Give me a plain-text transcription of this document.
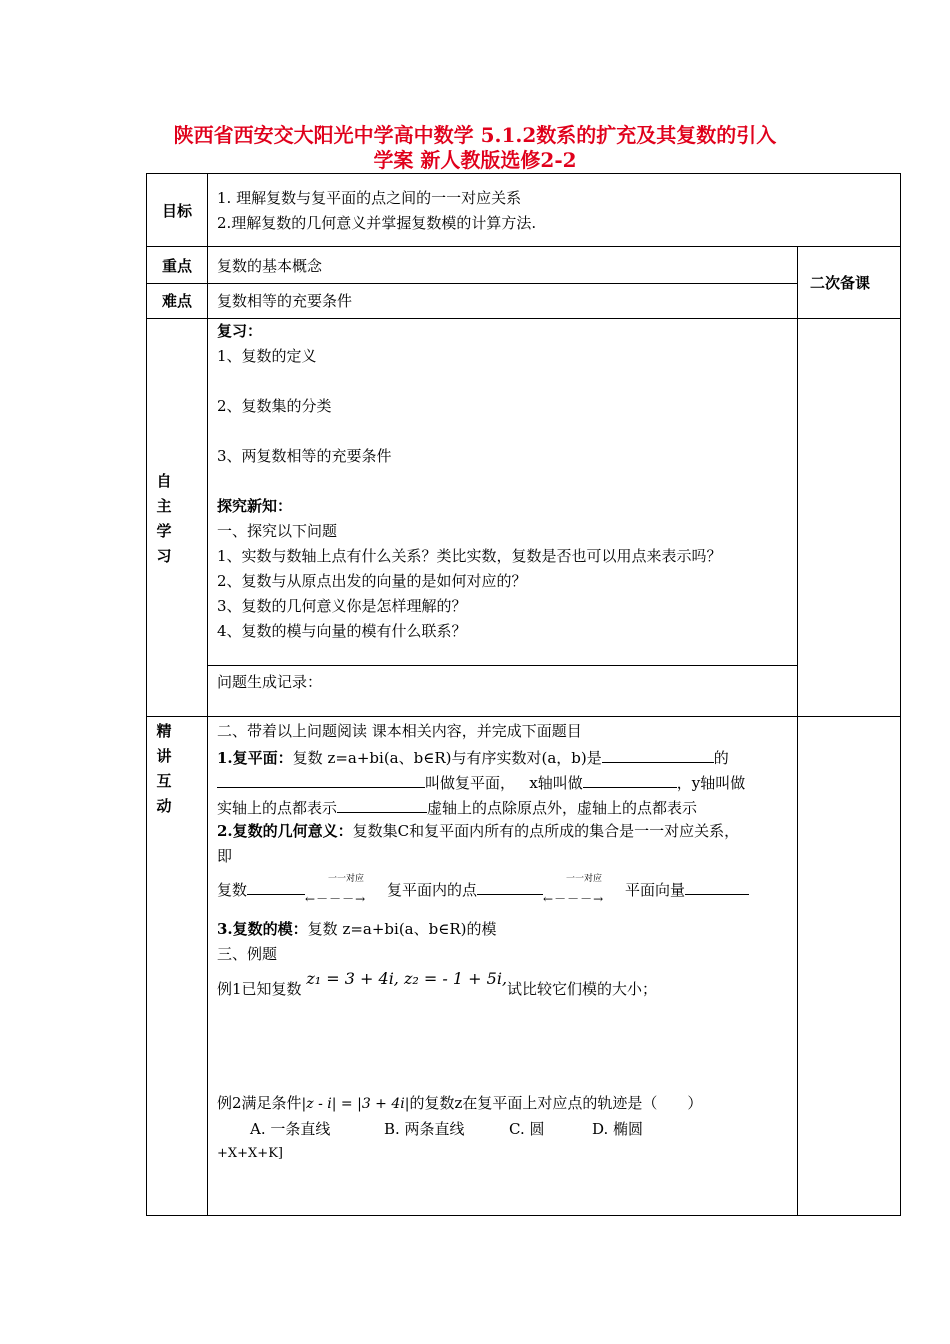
陕西省西安交大阳光中学高中数学 5.1.2数系的扩充及其复数的引入
学案 新人教版选修2-2
目标
1. 理解复数与复平面的点之间的一一对应关系
2.理解复数的几何意义并掌握复数模的计算方法.
重点	复数的基本概念
难点	复数相等的充要条件
二次备课
自
主
学
习
复习：
1、复数的定义
2、复数集的分类
3、两复数相等的充要条件
探究新知：
一、探究以下问题
1、实数与数轴上点有什么关系？类比实数，复数是否也可以用点来表示吗？
2、复数与从原点出发的向量的是如何对应的？
3、复数的几何意义你是怎样理解的？
4、复数的模与向量的模有什么联系？
问题生成记录：
精
讲
互
动
二、带着以上问题阅读 课本相关内容，并完成下面题目
1.复平面：复数 z=a+bi(a、b∈R)与有序实数对(a，b)是	的
叫做复平面， x轴叫做	，y轴叫做
实轴上的点都表示	虚轴上的点除原点外，虚轴上的点都表示
2.复数的几何意义：复数集C和复平面内所有的点所成的集合是一一对应关系，
即
复数
一一对应
←－－－→ 复平面内的点
一一对应
←－－－→ 平面向量
3.复数的模：复数 z=a+bi(a、b∈R)的模
三、例题
例1已知复数 z₁ = 3 + 4i, z₂ = - 1 + 5i,试比较它们模的大小；
例2满足条件|z - i| = |3 + 4i|的复数z在复平面上对应点的轨迹是（　　）
A. 一条直线	B. 两条直线	C. 圆	D. 椭圆
+X+X+K]
